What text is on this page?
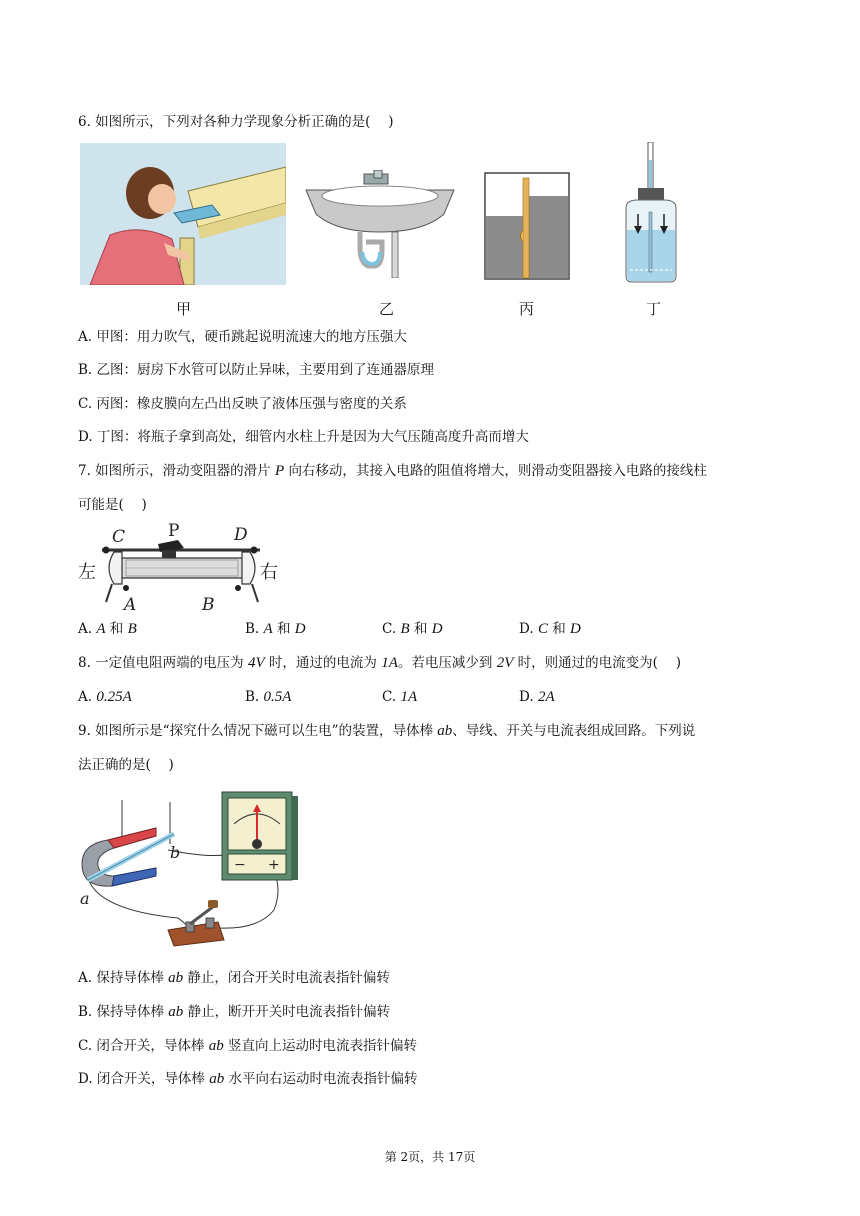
6. 如图所示，下列对各种力学现象分析正确的是(　 )
甲	乙	丙	丁
A. 甲图：用力吹气，硬币跳起说明流速大的地方压强大
B. 乙图：厨房下水管可以防止异味，主要用到了连通器原理
C. 丙图：橡皮膜向左凸出反映了液体压强与密度的关系
D. 丁图：将瓶子拿到高处，细管内水柱上升是因为大气压随高度升高而增大
7. 如图所示，滑动变阻器的滑片 P 向右移动，其接入电路的阻值将增大，则滑动变阻器接入电路的接线柱
可能是(　 )
左	右
C	P	D
A	B
A. A 和 B	B. A 和 D	C. B 和 D	D. C 和 D
8. 一定值电阻两端的电压为 4V 时，通过的电流为 1A。若电压减少到 2V 时，则通过的电流变为(　 )
A. 0.25A	B. 0.5A	C. 1A	D. 2A
9. 如图所示是“探究什么情况下磁可以生电”的装置，导体棒 ab、导线、开关与电流表组成回路。下列说
法正确的是(　 )
a
b
− +
A. 保持导体棒 ab 静止，闭合开关时电流表指针偏转
B. 保持导体棒 ab 静止，断开开关时电流表指针偏转
C. 闭合开关，导体棒 ab 竖直向上运动时电流表指针偏转
D. 闭合开关，导体棒 ab 水平向右运动时电流表指针偏转
第 2页，共 17页
